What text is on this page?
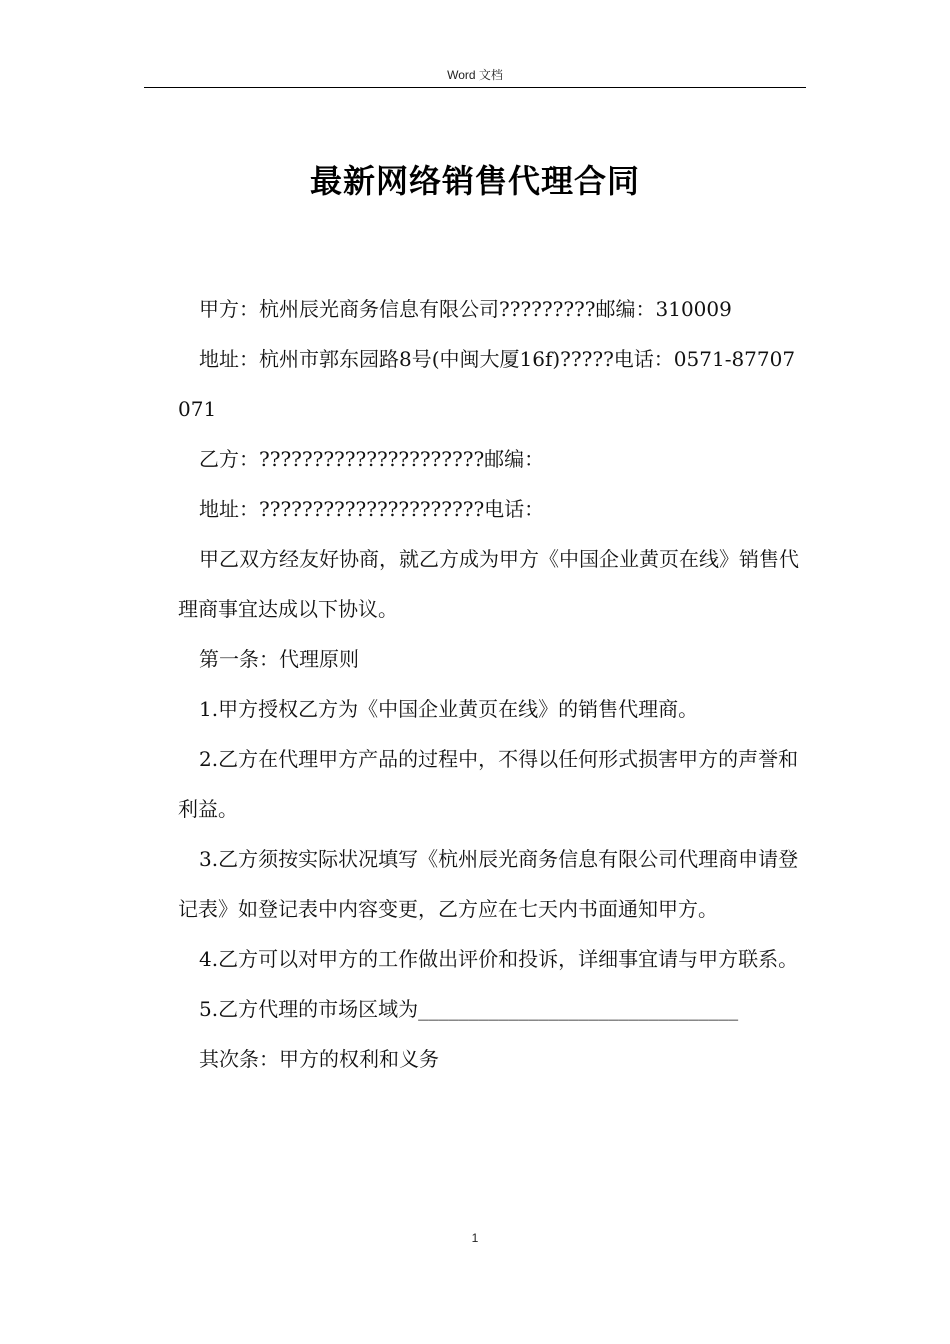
Word 文档
最新网络销售代理合同

甲方：杭州辰光商务信息有限公司?????????邮编：310009

地址：杭州市郭东园路8号(中闽大厦16f)?????电话：0571-87707071

乙方：?????????????????????邮编：

地址：?????????????????????电话：

甲乙双方经友好协商，就乙方成为甲方《中国企业黄页在线》销售代理商事宜达成以下协议。

第一条：代理原则

1.甲方授权乙方为《中国企业黄页在线》的销售代理商。

2.乙方在代理甲方产品的过程中，不得以任何形式损害甲方的声誉和利益。

3.乙方须按实际状况填写《杭州辰光商务信息有限公司代理商申请登记表》如登记表中内容变更，乙方应在七天内书面通知甲方。

4.乙方可以对甲方的工作做出评价和投诉，详细事宜请与甲方联系。

5.乙方代理的市场区域为________________________________

其次条：甲方的权利和义务

1
